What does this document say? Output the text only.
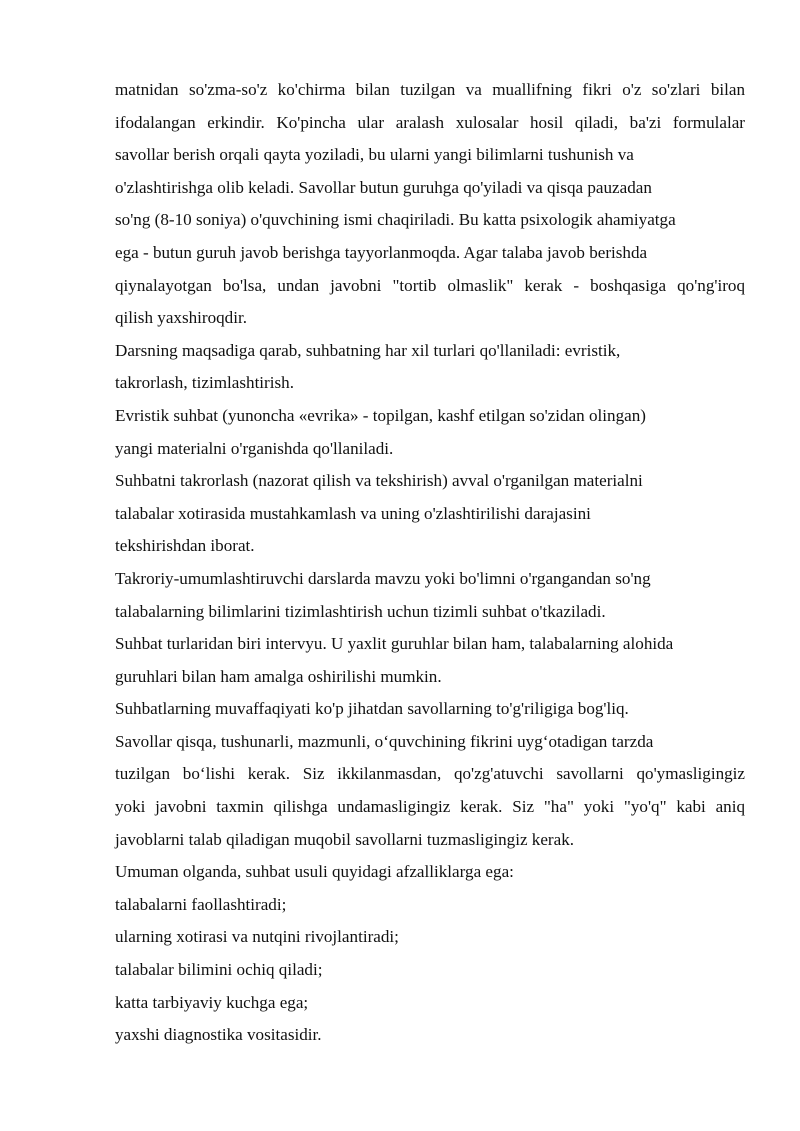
matnidan so'zma-so'z ko'chirma bilan tuzilgan va muallifning fikri o'z so'zlari bilan
ifodalangan erkindir. Ko'pincha ular aralash xulosalar hosil qiladi, ba'zi formulalar
savollar berish orqali qayta yoziladi, bu ularni yangi bilimlarni tushunish va
o'zlashtirishga olib keladi. Savollar butun guruhga qo'yiladi va qisqa pauzadan
so'ng (8-10 soniya) o'quvchining ismi chaqiriladi. Bu katta psixologik ahamiyatga
ega - butun guruh javob berishga tayyorlanmoqda. Agar talaba javob berishda
qiynalayotgan bo'lsa, undan javobni "tortib olmaslik" kerak - boshqasiga qo'ng'iroq
qilish yaxshiroqdir.
Darsning maqsadiga qarab, suhbatning har xil turlari qo'llaniladi: evristik,
takrorlash, tizimlashtirish.
Evristik suhbat (yunoncha «evrika» - topilgan, kashf etilgan so'zidan olingan)
yangi materialni o'rganishda qo'llaniladi.
Suhbatni takrorlash (nazorat qilish va tekshirish) avval o'rganilgan materialni
talabalar xotirasida mustahkamlash va uning o'zlashtirilishi darajasini
tekshirishdan iborat.
Takroriy-umumlashtiruvchi darslarda mavzu yoki bo'limni o'rgangandan so'ng
talabalarning bilimlarini tizimlashtirish uchun tizimli suhbat o'tkaziladi.
Suhbat turlaridan biri intervyu. U yaxlit guruhlar bilan ham, talabalarning alohida
guruhlari bilan ham amalga oshirilishi mumkin.
Suhbatlarning muvaffaqiyati ko'p jihatdan savollarning to'g'riligiga bog'liq.
Savollar qisqa, tushunarli, mazmunli, o‘quvchining fikrini uyg‘otadigan tarzda
tuzilgan bo‘lishi kerak. Siz ikkilanmasdan, qo'zg'atuvchi savollarni qo'ymasligingiz
yoki javobni taxmin qilishga undamasligingiz kerak. Siz "ha" yoki "yo'q" kabi aniq
javoblarni talab qiladigan muqobil savollarni tuzmasligingiz kerak.
Umuman olganda, suhbat usuli quyidagi afzalliklarga ega:
talabalarni faollashtiradi;
ularning xotirasi va nutqini rivojlantiradi;
talabalar bilimini ochiq qiladi;
katta tarbiyaviy kuchga ega;
yaxshi diagnostika vositasidir.
